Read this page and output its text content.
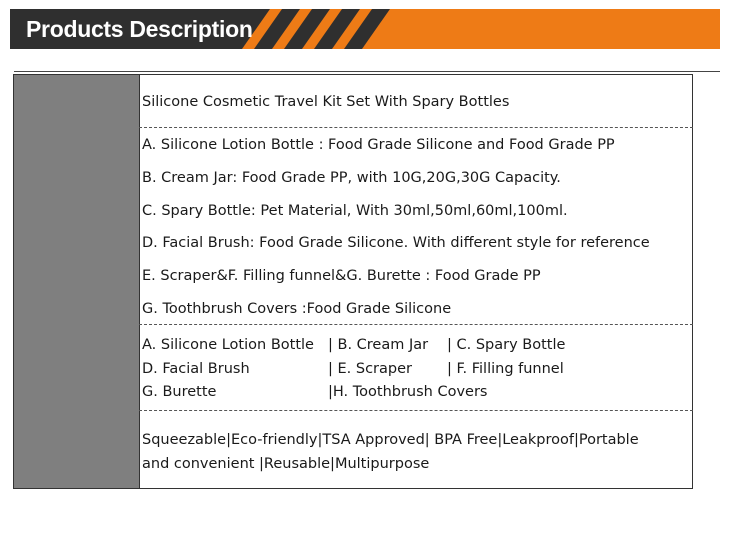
Products Description
Item Name:
Silicone Cosmetic Travel Kit Set With Spary Bottles
Material:
A. Silicone Lotion Bottle : Food Grade Silicone and Food Grade PP
B. Cream Jar: Food Grade PP, with 10G,20G,30G Capacity.
C. Spary Bottle: Pet Material, With 30ml,50ml,60ml,100ml.
D. Facial Brush: Food Grade Silicone. With different style for reference
E. Scraper&F. Filling funnel&G. Burette : Food Grade PP
G. Toothbrush Covers :Food Grade Silicone
Parts:
A. Silicone Lotion Bottle | B. Cream Jar | C. Spary Bottle
D. Facial Brush	| E. Scraper | F. Filling funnel
G. Burette	|H. Toothbrush Covers
Functions:
Squeezable|Eco-friendly|TSA Approved| BPA Free|Leakproof|Portable
and convenient |Reusable|Multipurpose
